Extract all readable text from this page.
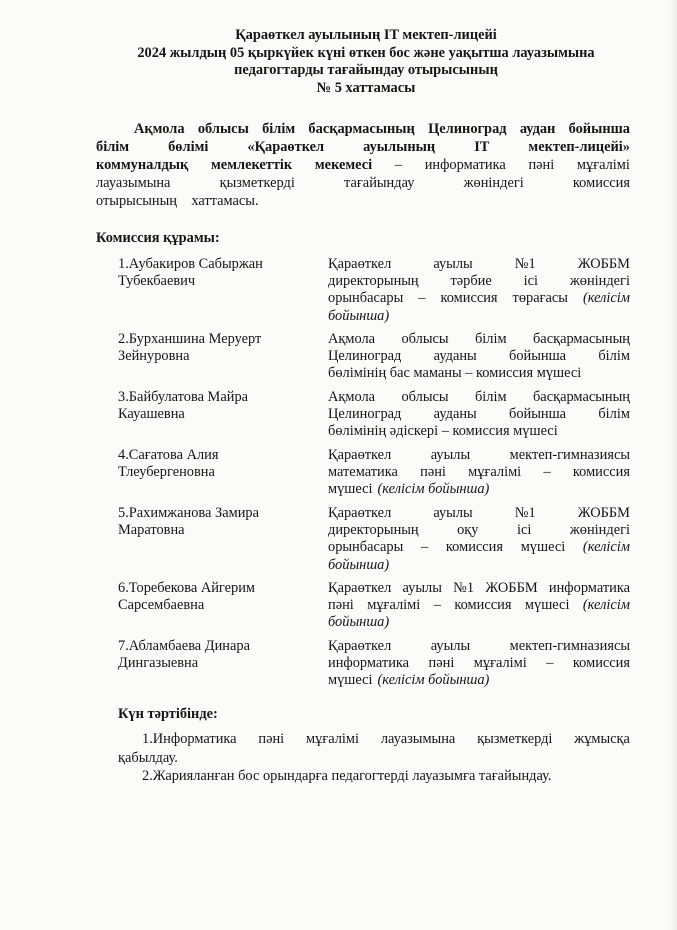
Қараөткел ауылының IT мектеп-лицейі
2024 жылдың 05 қыркүйек күні өткен бос және уақытша лауазымына
педагогтарды тағайындау отырысының
№ 5 хаттамасы
Ақмола облысы білім басқармасының Целиноград аудан бойынша
білім	бөлімі	«Қараөткел	ауылының	IT	мектеп-лицейі»
коммуналдық мемлекеттік мекемесі – информатика пәні мұғалімі
лауазымына	қызметкерді	тағайындау	жөніндегі	комиссия
отырысының    хаттамасы.
Комиссия құрамы:
1.Аубакиров Сабыржан
Тубекбаевич
Қараөткел	ауылы	№1	ЖОББМ
директорының тәрбие ісі жөніндегі
орынбасары – комиссия төрағасы (келісім
бойынша)
2.Бурханшина Меруерт
Зейнуровна
Ақмола облысы білім басқармасының
Целиноград ауданы бойынша білім
бөлімінің бас маманы – комиссия мүшесі
3.Байбулатова Майра
Кауашевна
Ақмола облысы білім басқармасының
Целиноград ауданы бойынша білім
бөлімінің әдіскері – комиссия мүшесі
4.Сағатова Алия
Тлеубергеновна
Қараөткел	ауылы	мектеп-гимназиясы
математика пәні мұғалімі – комиссия
мүшесі (келісім бойынша)
5.Рахимжанова Замира
Маратовна
Қараөткел	ауылы	№1	ЖОББМ
директорының	оқу	ісі	жөніндегі
орынбасары – комиссия мүшесі (келісім
бойынша)
6.Торебекова Айгерим
Сарсембаевна
Қараөткел ауылы №1 ЖОББМ информатика
пәні мұғалімі – комиссия мүшесі (келісім
бойынша)
7.Абламбаева Динара
Дингазыевна
Қараөткел	ауылы	мектеп-гимназиясы
информатика пәні мұғалімі – комиссия
мүшесі (келісім бойынша)
Күн тәртібінде:
1.Информатика пәні мұғалімі лауазымына қызметкерді жұмысқа
қабылдау.
2.Жарияланған бос орындарға педагогтерді лауазымға тағайындау.
